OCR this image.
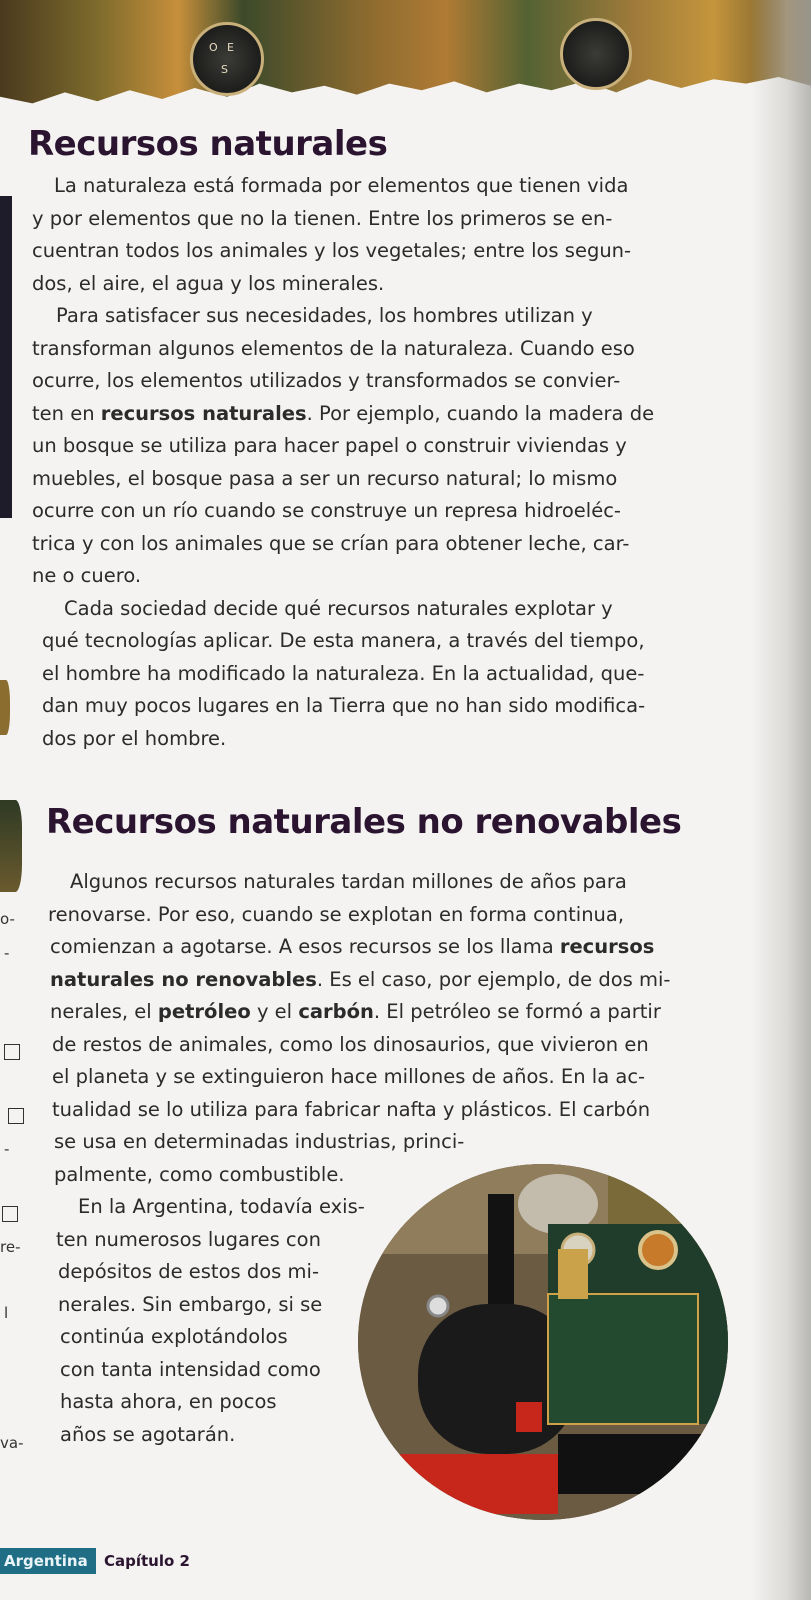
O E
S
o-
-
-
re-
l
va-
Recursos naturales
La naturaleza está formada por elementos que tienen vida
y por elementos que no la tienen. Entre los primeros se en-
cuentran todos los animales y los vegetales; entre los segun-
dos, el aire, el agua y los minerales.
Para satisfacer sus necesidades, los hombres utilizan y
transforman algunos elementos de la naturaleza. Cuando eso
ocurre, los elementos utilizados y transformados se convier-
ten en recursos naturales. Por ejemplo, cuando la madera de
un bosque se utiliza para hacer papel o construir viviendas y
muebles, el bosque pasa a ser un recurso natural; lo mismo
ocurre con un río cuando se construye un represa hidroeléc-
trica y con los animales que se crían para obtener leche, car-
ne o cuero.
Cada sociedad decide qué recursos naturales explotar y
qué tecnologías aplicar. De esta manera, a través del tiempo,
el hombre ha modificado la naturaleza. En la actualidad, que-
dan muy pocos lugares en la Tierra que no han sido modifica-
dos por el hombre.
Recursos naturales no renovables
Algunos recursos naturales tardan millones de años para
renovarse. Por eso, cuando se explotan en forma continua,
comienzan a agotarse. A esos recursos se los llama recursos
naturales no renovables. Es el caso, por ejemplo, de dos mi-
nerales, el petróleo y el carbón. El petróleo se formó a partir
de restos de animales, como los dinosaurios, que vivieron en
el planeta y se extinguieron hace millones de años. En la ac-
tualidad se lo utiliza para fabricar nafta y plásticos. El carbón
se usa en determinadas industrias, princi-
palmente, como combustible.
En la Argentina, todavía exis-
ten numerosos lugares con
depósitos de estos dos mi-
nerales. Sin embargo, si se
continúa explotándolos
con tanta intensidad como
hasta ahora, en pocos
años se agotarán.
Argentina	Capítulo 2
